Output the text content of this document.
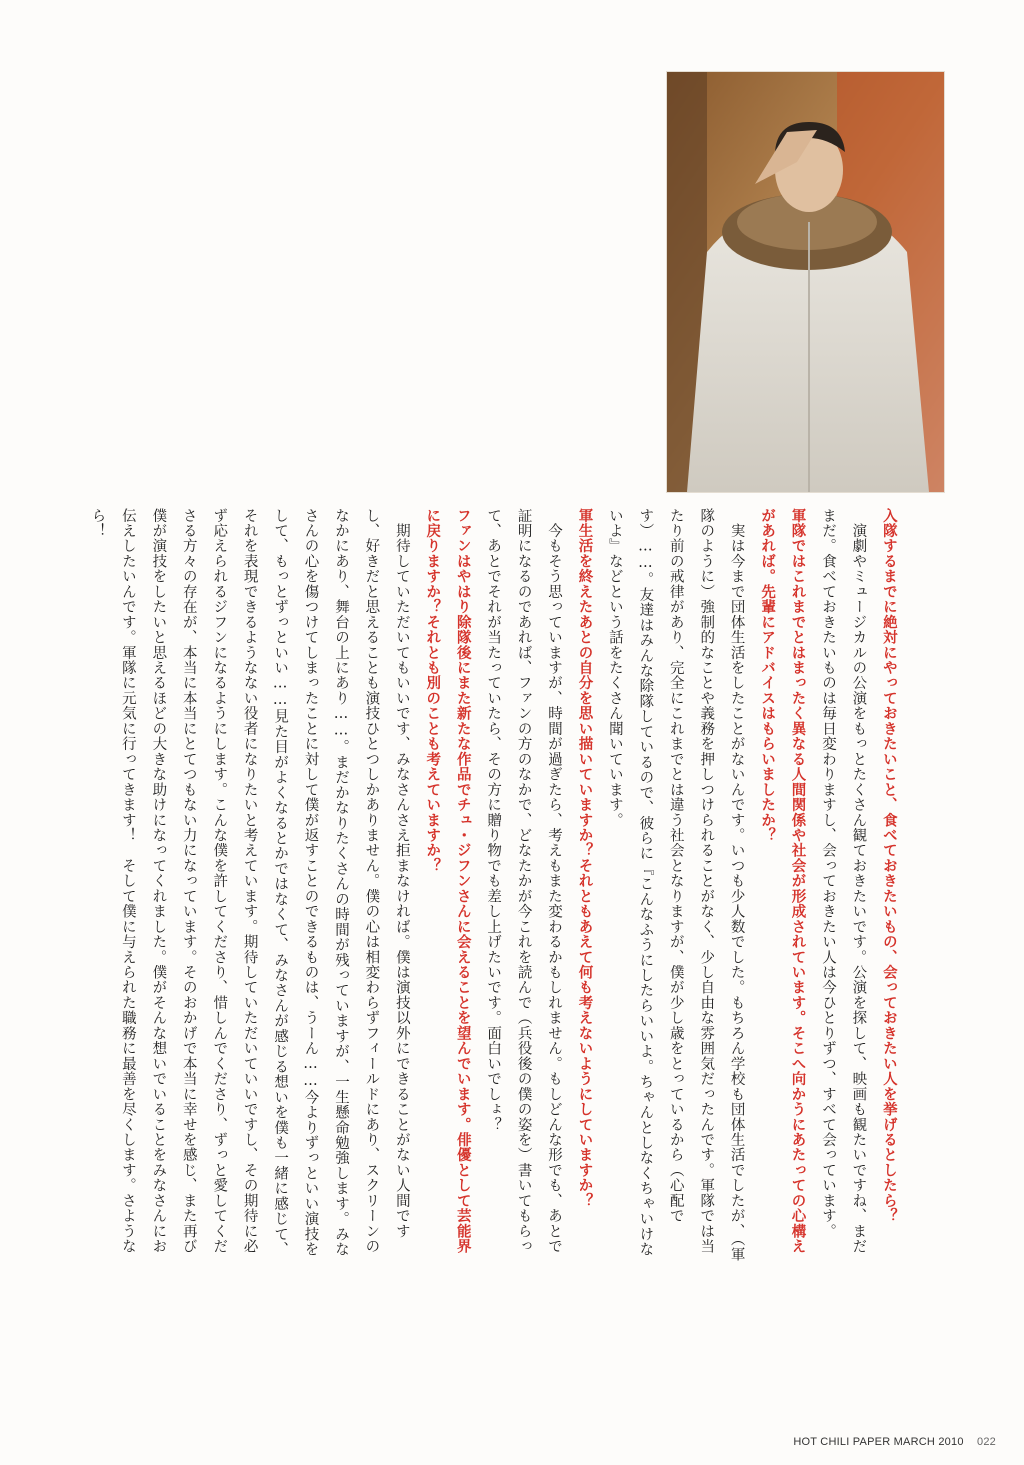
入隊するまでに絶対にやっておきたいこと、食べておきたいもの、会っておきたい人を挙げるとしたら？
演劇やミュージカルの公演をもっとたくさん観ておきたいです。公演を探して、映画も観たいですね、まだまだ。食べておきたいものは毎日変わりますし、会っておきたい人は今ひとりずつ、すべて会っています。
軍隊ではこれまでとはまったく異なる人間関係や社会が形成されています。そこへ向かうにあたっての心構えがあれば。先輩にアドバイスはもらいましたか？
実は今まで団体生活をしたことがないんです。いつも少人数でした。もちろん学校も団体生活でしたが、（軍隊のように）強制的なことや義務を押しつけられることがなく、少し自由な雰囲気だったんです。軍隊では当たり前の戒律があり、完全にこれまでとは違う社会となりますが、僕が少し歳をとっているから（心配です）……。友達はみんな除隊しているので、彼らに『こんなふうにしたらいいよ。ちゃんとしなくちゃいけないよ』などという話をたくさん聞いています。
軍生活を終えたあとの自分を思い描いていますか？それともあえて何も考えないようにしていますか？
今もそう思っていますが、時間が過ぎたら、考えもまた変わるかもしれません。もしどんな形でも、あとで証明になるのであれば、ファンの方のなかで、どなたかが今これを読んで（兵役後の僕の姿を）書いてもらって、あとでそれが当たっていたら、その方に贈り物でも差し上げたいです。面白いでしょ？
ファンはやはり除隊後にまた新たな作品でチュ・ジフンさんに会えることを望んでいます。俳優として芸能界に戻りますか？それとも別のことも考えていますか？
期待していただいてもいいです、みなさんさえ拒まなければ。僕は演技以外にできることがない人間ですし、好きだと思えることも演技ひとつしかありません。僕の心は相変わらずフィールドにあり、スクリーンのなかにあり、舞台の上にあり……。まだかなりたくさんの時間が残っていますが、一生懸命勉強します。みなさんの心を傷つけてしまったことに対して僕が返すことのできるものは、うーん……今よりずっといい演技をして、もっとずっといい……見た目がよくなるとかではなくて、みなさんが感じる想いを僕も一緒に感じて、それを表現できるようなない役者になりたいと考えています。期待していただいていいですし、その期待に必ず応えられるジフンになるようにします。こんな僕を許してくださり、惜しんでくださり、ずっと愛してくださる方々の存在が、本当に本当にとてつもない力になっています。そのおかげで本当に幸せを感じ、また再び僕が演技をしたいと思えるほどの大きな助けになってくれました。僕がそんな想いでいることをみなさんにお伝えしたいんです。軍隊に元気に行ってきます！　そして僕に与えられた職務に最善を尽くします。さようなら！
HOT CHILI PAPER MARCH 2010 022
